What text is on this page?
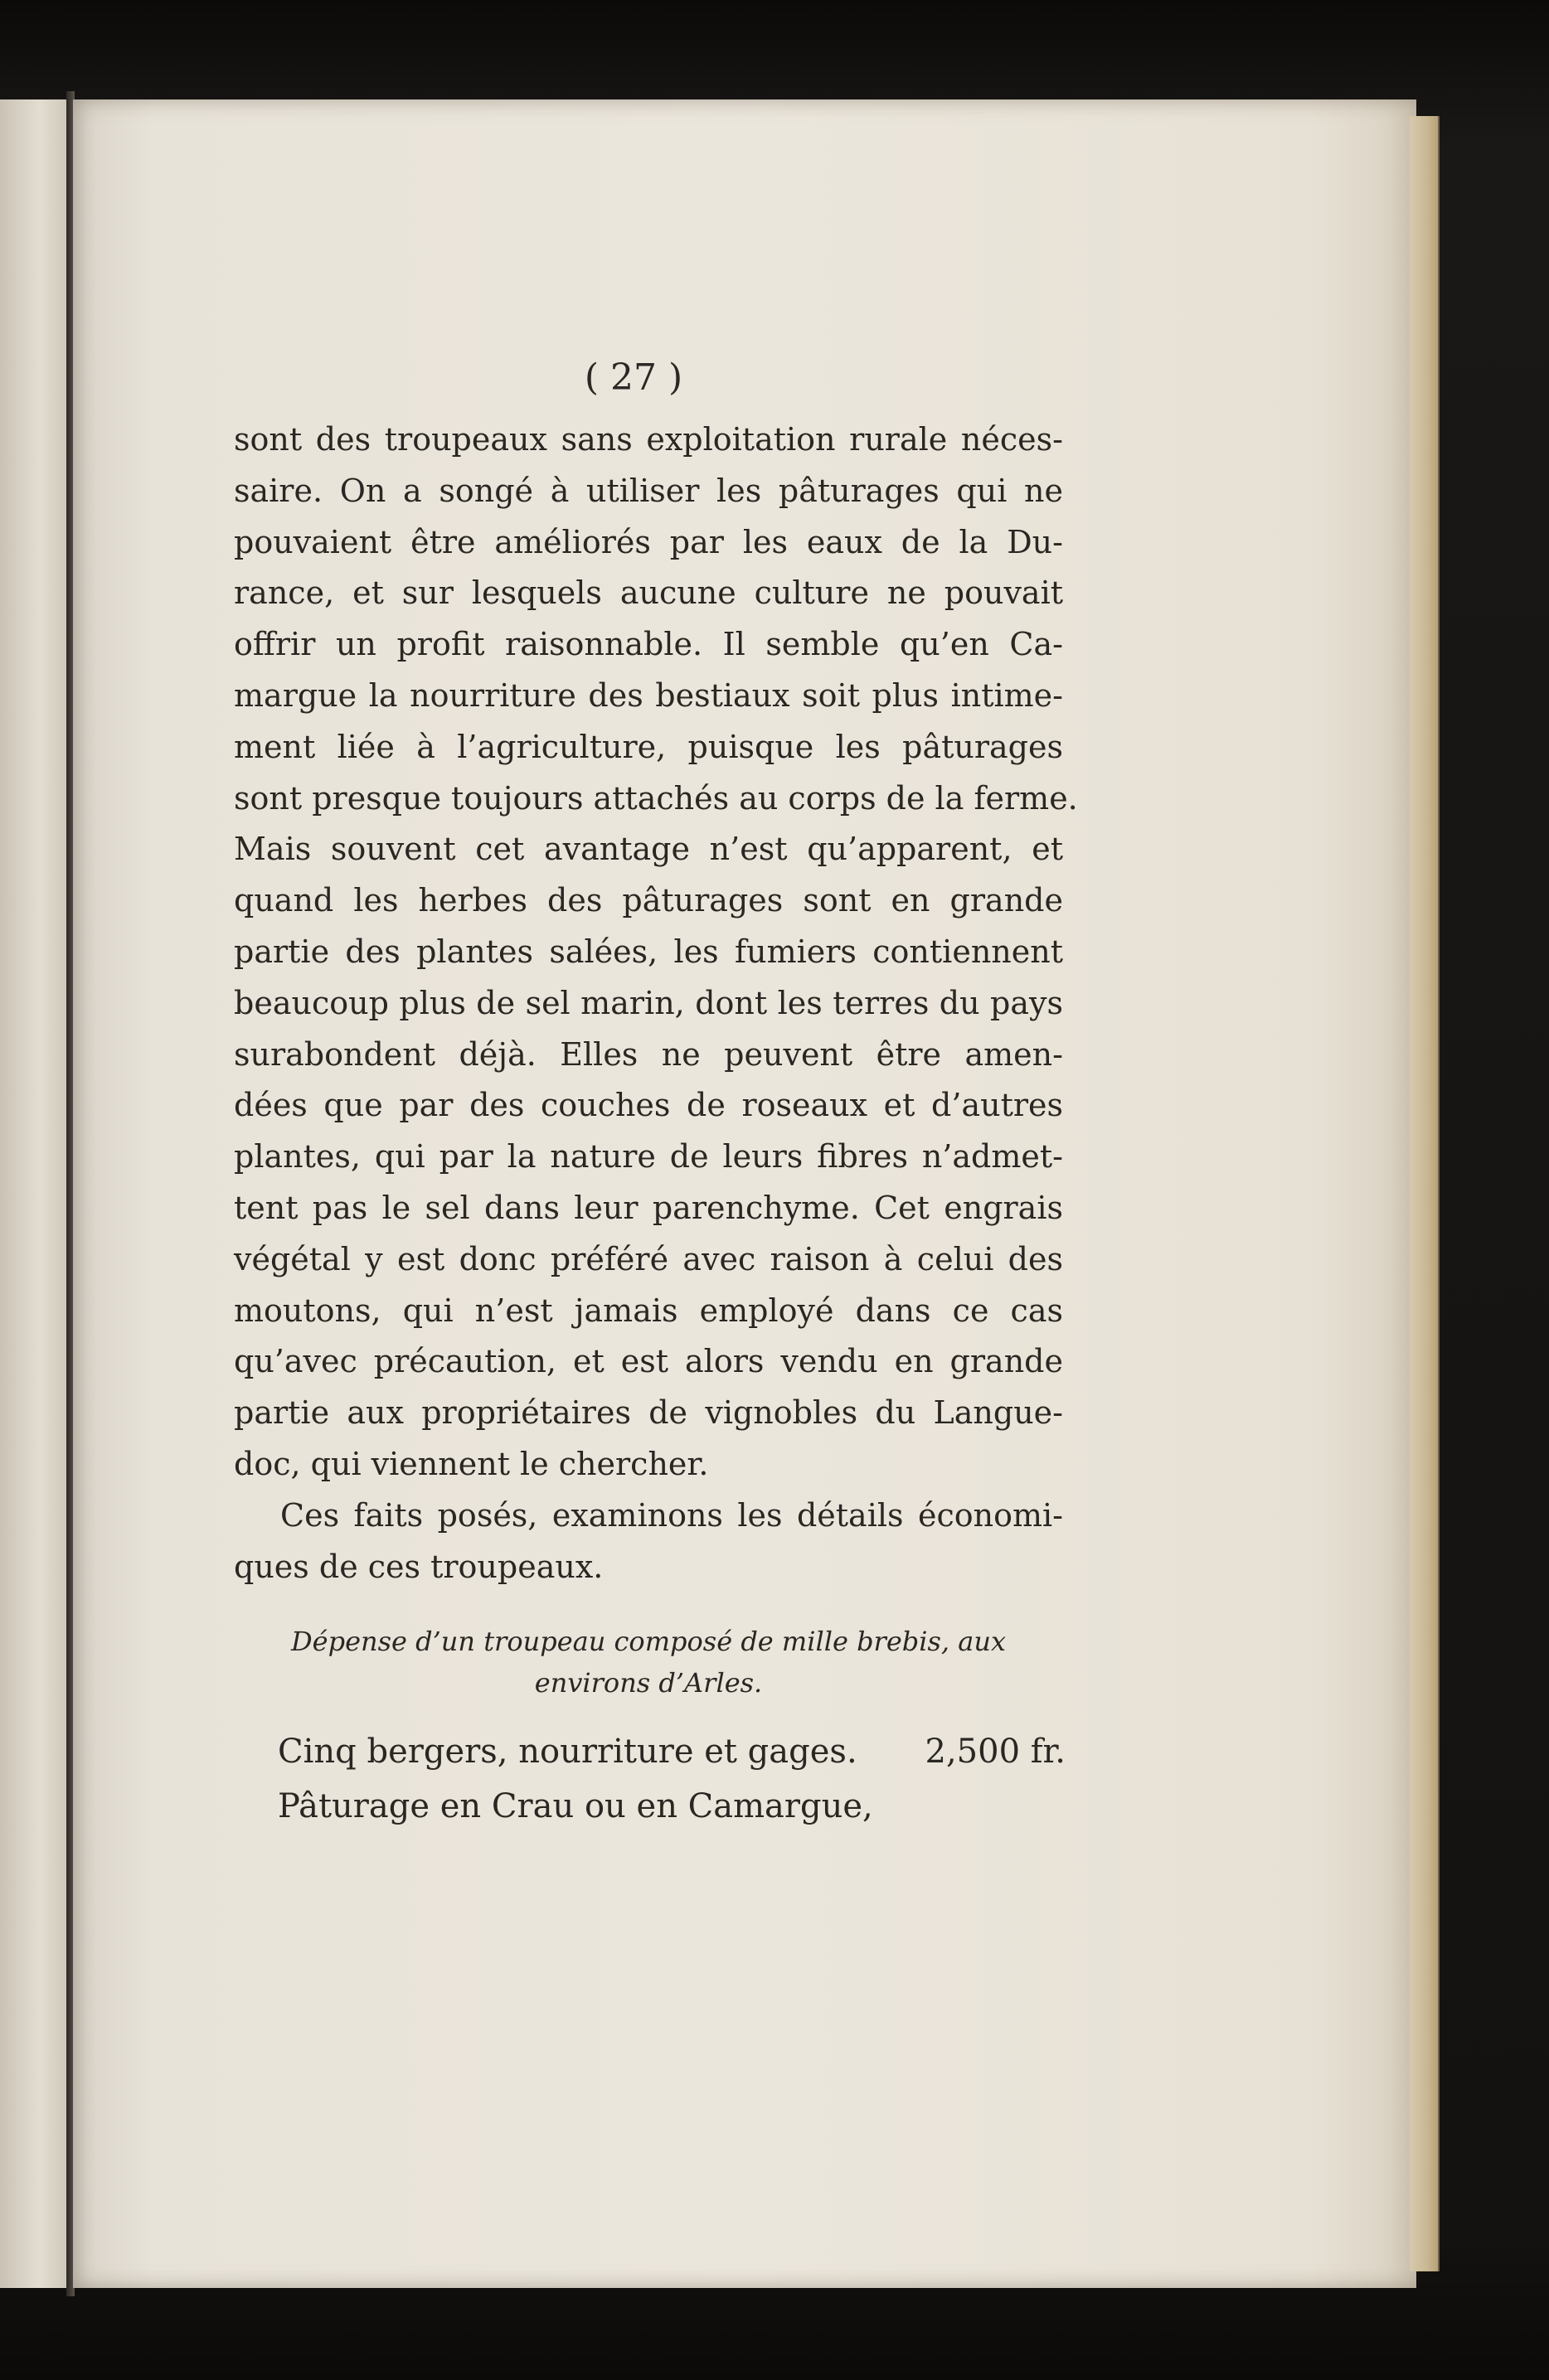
( 27 )
sont des troupeaux sans exploitation rurale néces-
saire. On a songé à utiliser les pâturages qui ne
pouvaient être améliorés par les eaux de la Du-
rance, et sur lesquels aucune culture ne pouvait
offrir un profit raisonnable. Il semble qu’en Ca-
margue la nourriture des bestiaux soit plus intime-
ment liée à l’agriculture, puisque les pâturages
sont presque toujours attachés au corps de la ferme.
Mais souvent cet avantage n’est qu’apparent, et
quand les herbes des pâturages sont en grande
partie des plantes salées, les fumiers contiennent
beaucoup plus de sel marin, dont les terres du pays
surabondent déjà. Elles ne peuvent être amen-
dées que par des couches de roseaux et d’autres
plantes, qui par la nature de leurs fibres n’admet-
tent pas le sel dans leur parenchyme. Cet engrais
végétal y est donc préféré avec raison à celui des
moutons, qui n’est jamais employé dans ce cas
qu’avec précaution, et est alors vendu en grande
partie aux propriétaires de vignobles du Langue-
doc, qui viennent le chercher.
Ces faits posés, examinons les détails économi-
ques de ces troupeaux.
Dépense d’un troupeau composé de mille brebis, aux
environs d’Arles.
Cinq bergers, nourriture et gages. 2,500 fr.
Pâturage en Crau ou en Camargue,
